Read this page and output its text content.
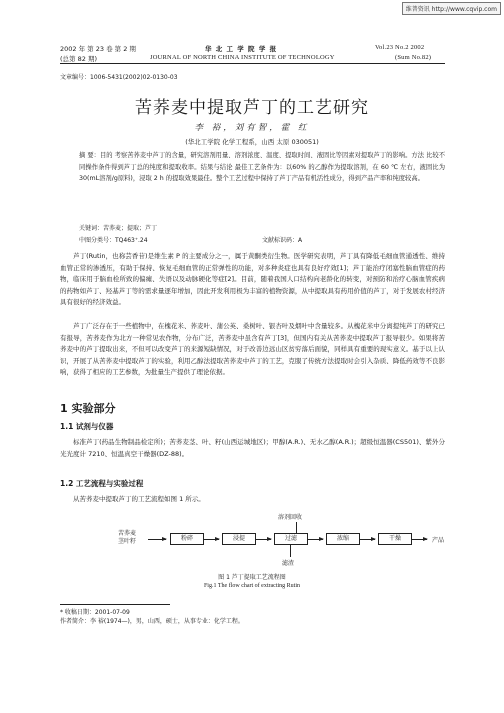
维普资讯 http://www.cqvip.com
2002 年 第 23 卷 第 2 期
(总第 82 期)
华 北 工 学 院 学 报
JOURNAL OF NORTH CHINA INSTITUTE OF TECHNOLOGY
Vol.23 No.2 2002
(Sum No.82)
文章编号：1006-5431(2002)02-0130-03
苦荞麦中提取芦丁的工艺研究
李 裕，刘有智，霍 红
(华北工学院 化学工程系，山西 太原 030051)
摘 要：目的 考察苦荞麦中芦丁的含量，研究溶剂用量、溶剂浓度、温度、提取时间、液固比等因素对提取芦丁的影响。方法 比较不同操作条件得到芦丁总的纯度和提取收率。结果与结论 最佳工艺条件为：以60% 的乙醇作为提取溶剂，在 60 ℃ 左右，液固比为 30(mL溶剂/g原料)，浸取 2 h 的提取效果最佳。整个工艺过程中保持了芦丁产品有机活性成分，得到产品产率和纯度较高。
关键词：苦荞麦；提取；芦丁
中图分类号：TQ463⁺.24	文献标识码：A
芦丁(Rutin，也称芸香苷)是维生素 P 的主要成分之一，属于黄酮类衍生物。医学研究表明，芦丁具有降低毛细血管通透性、维持血管正常的渗透压，有助于保持、恢复毛细血管的正常弹性的功能，对多种炎症也具有良好疗效[1]；芦丁能治疗闭塞性脑血管症的药物，临床用于脑血栓所致的偏瘫、失语以及动脉硬化等症[2]。目前，随着我国人口结构向老龄化的转变，对预防和治疗心脑血管疾病的药物如芦丁、羟基芦丁等的需求量逐年增加，因此开发利用极为丰富的植物资源，从中提取具有药用价值的芦丁，对于发展农村经济具有很好的经济效益。
芦丁广泛存在于一些植物中，在槐花米、荞麦叶、蒲公英、桑树叶、银杏叶及烟叶中含量较多。从槐花米中分离提纯芦丁的研究已有报导，苦荞麦作为北方一种常见农作物，分布广泛，苦荞麦中虽含有芦丁[3]，但国内有关从苦荞麦中提取芦丁报导很少。如果将苦荞麦中的芦丁提取出来，不但可以改变芦丁的来源短缺情况，对于改善边远山区贫穷落后面貌，同样具有重要的现实意义。基于以上认识，开展了从苦荞麦中提取芦丁的实验，利用乙醇法提取苦荞麦中芦丁的工艺，克服了传统方法提取时会引入杂质、降低药效等不良影响，获得了相应的工艺参数，为批量生产提供了理论依据。
1 实验部分
1.1 试剂与仪器
标准芦丁(药品生物制品检定所)；苦荞麦茎、叶、籽(山西运城地区)；甲醇(A.R.)、无水乙醇(A.R.)；超级恒温器(CS501)、紫外分光光度计 7210、恒温真空干燥器(DZ-88)。
1.2 工艺流程与实验过程
从苦荞麦中提取芦丁的工艺流程如图 1 所示。
溶剂回收
苦荞麦
茎叶籽	粉碎	浸提	过滤	浓缩	干燥	产品
滤渣
图 1 芦丁提取工艺流程图
Fig.1 The flow chart of extracting Rutin
* 收稿日期：2001-07-09
作者简介：李 裕(1974—)，男，山西，硕士，从事专业：化学工程。
